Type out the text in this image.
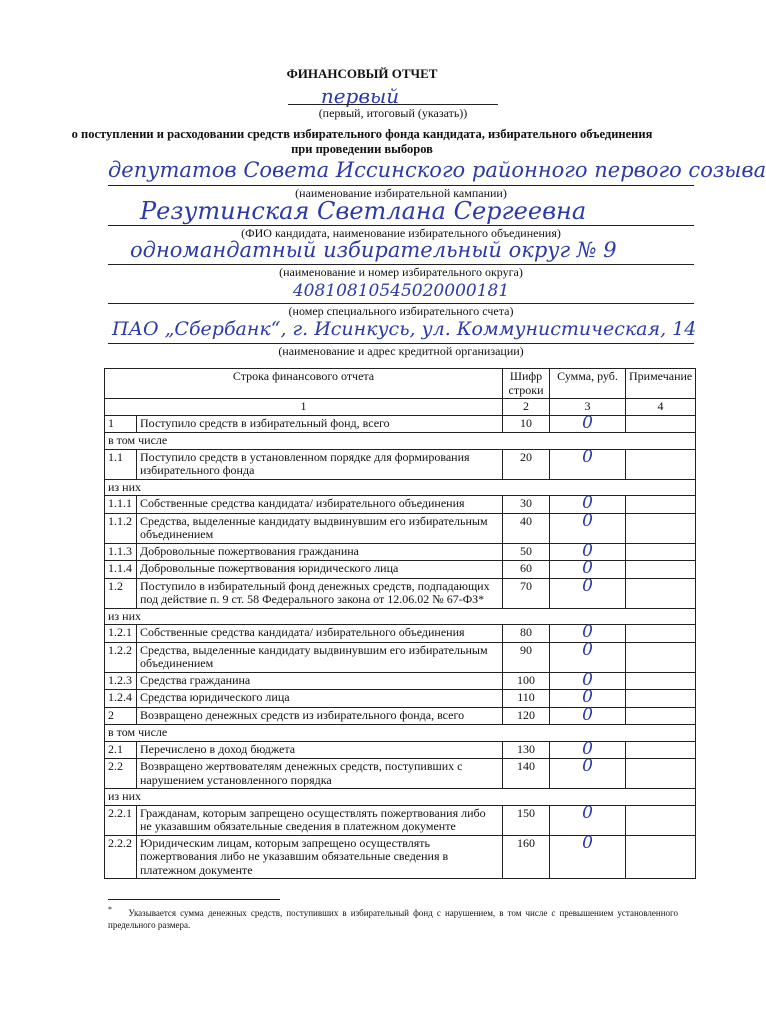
ФИНАНСОВЫЙ ОТЧЕТ
первый
(первый, итоговый (указать))
о поступлении и расходовании средств избирательного фонда кандидата, избирательного объединения
при проведении выборов
депутатов Совета Иссинского районного первого созыва
(наименование избирательной кампании)
Резутинская Светлана Сергеевна
(ФИО кандидата, наименование избирательного объединения)
одномандатный избирательный округ № 9
(наименование и номер избирательного округа)
40810810545020000181
(номер специального избирательного счета)
ПАО „Сбербанк“, г. Исинкусь, ул. Коммунистическая, 14
(наименование и адрес кредитной организации)
Строка финансового отчета		Шифр строки	Сумма, руб.	Примечание
1		2	3	4
1	Поступило средств в избирательный фонд, всего	10	0	
в том числе				
1.1	Поступило средств в установленном порядке для формирования избирательного фонда	20	0	
из них				
1.1.1	Собственные средства кандидата/ избирательного объединения	30	0	
1.1.2	Средства, выделенные кандидату выдвинувшим его избирательным объединением	40	0	
1.1.3	Добровольные пожертвования гражданина	50	0	
1.1.4	Добровольные пожертвования юридического лица	60	0	
1.2	Поступило в избирательный фонд денежных средств, подпадающих под действие п. 9 ст. 58 Федерального закона от 12.06.02 № 67-ФЗ*	70	0	
из них				
1.2.1	Собственные средства кандидата/ избирательного объединения	80	0	
1.2.2	Средства, выделенные кандидату выдвинувшим его избирательным объединением	90	0	
1.2.3	Средства гражданина	100	0	
1.2.4	Средства юридического лица	110	0	
2	Возвращено денежных средств из избирательного фонда, всего	120	0	
в том числе				
2.1	Перечислено в доход бюджета	130	0	
2.2	Возвращено жертвователям денежных средств, поступивших с нарушением установленного порядка	140	0	
из них				
2.2.1	Гражданам, которым запрещено осуществлять пожертвования либо не указавшим обязательные сведения в платежном документе	150	0	
2.2.2	Юридическим лицам, которым запрещено осуществлять пожертвования либо не указавшим обязательные сведения в платежном документе	160	0	
* Указывается сумма денежных средств, поступивших в избирательный фонд с нарушением, в том числе с превышением установленного предельного размера.
